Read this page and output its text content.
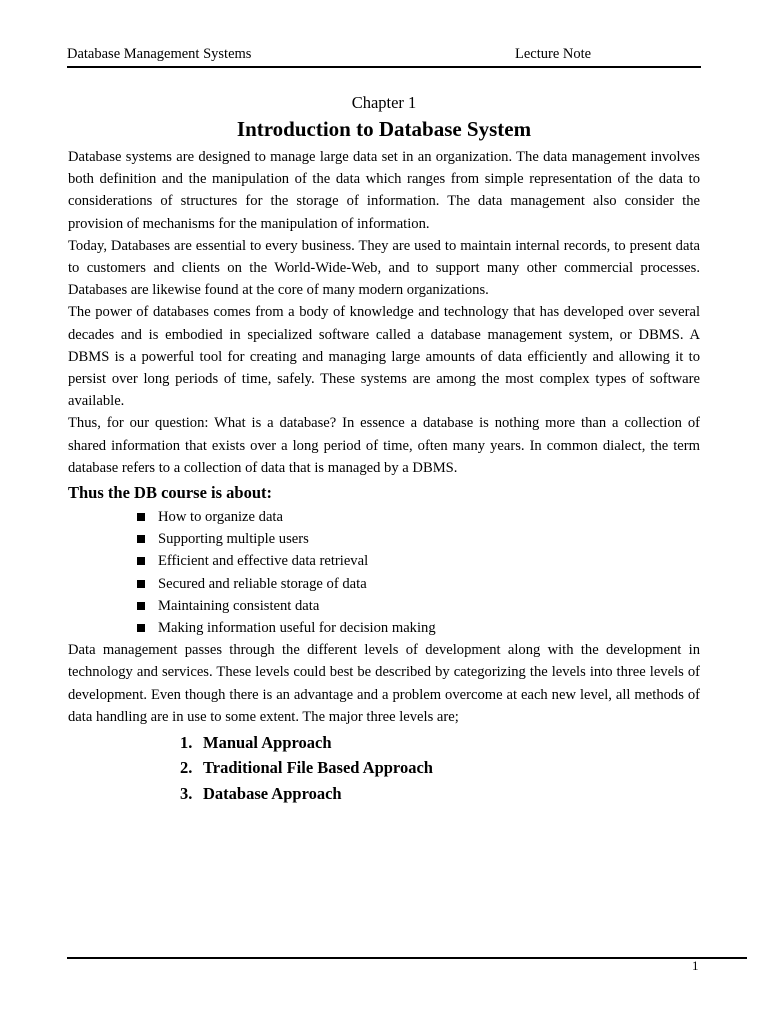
Database Management Systems	Lecture Note
Chapter 1
Introduction to Database System

Database systems are designed to manage large data set in an organization. The data management involves both definition and the manipulation of the data which ranges from simple representation of the data to considerations of structures for the storage of information. The data management also consider the provision of mechanisms for the manipulation of information.

Today, Databases are essential to every business. They are used to maintain internal records, to present data to customers and clients on the World-Wide-Web, and to support many other commercial processes. Databases are likewise found at the core of many modern organizations.

The power of databases comes from a body of knowledge and technology that has developed over several decades and is embodied in specialized software called a database management system, or DBMS. A DBMS is a powerful tool for creating and managing large amounts of data efficiently and allowing it to persist over long periods of time, safely. These systems are among the most complex types of software available.

Thus, for our question: What is a database? In essence a database is nothing more than a collection of shared information that exists over a long period of time, often many years. In common dialect, the term database refers to a collection of data that is managed by a DBMS.

Thus the DB course is about:

How to organize data
Supporting multiple users
Efficient and effective data retrieval
Secured and reliable storage of data
Maintaining consistent data
Making information useful for decision making

Data management passes through the different levels of development along with the development in technology and services. These levels could best be described by categorizing the levels into three levels of development. Even though there is an advantage and a problem overcome at each new level, all methods of data handling are in use to some extent. The major three levels are;

1. Manual Approach
2. Traditional File Based Approach
3. Database Approach
1
